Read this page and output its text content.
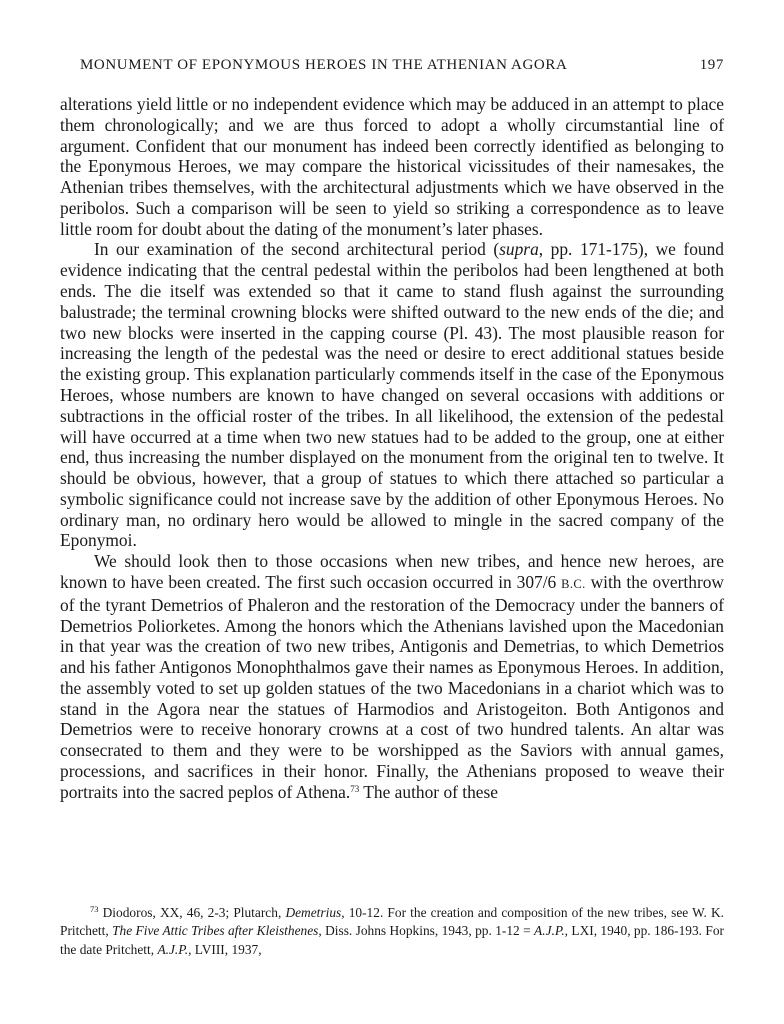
MONUMENT OF EPONYMOUS HEROES IN THE ATHENIAN AGORA	197

alterations yield little or no independent evidence which may be adduced in an attempt to place them chronologically; and we are thus forced to adopt a wholly circumstantial line of argument. Confident that our monument has indeed been correctly identified as belonging to the Eponymous Heroes, we may compare the historical vicissitudes of their namesakes, the Athenian tribes themselves, with the architectural adjustments which we have observed in the peribolos. Such a comparison will be seen to yield so striking a correspondence as to leave little room for doubt about the dating of the monument’s later phases.

In our examination of the second architectural period (supra, pp. 171-175), we found evidence indicating that the central pedestal within the peribolos had been lengthened at both ends. The die itself was extended so that it came to stand flush against the surrounding balustrade; the terminal crowning blocks were shifted outward to the new ends of the die; and two new blocks were inserted in the capping course (Pl. 43). The most plausible reason for increasing the length of the pedestal was the need or desire to erect additional statues beside the existing group. This explanation particularly commends itself in the case of the Eponymous Heroes, whose numbers are known to have changed on several occasions with additions or subtractions in the official roster of the tribes. In all likelihood, the extension of the pedestal will have occurred at a time when two new statues had to be added to the group, one at either end, thus increasing the number displayed on the monument from the original ten to twelve. It should be obvious, however, that a group of statues to which there attached so particular a symbolic significance could not increase save by the addition of other Eponymous Heroes. No ordinary man, no ordinary hero would be allowed to mingle in the sacred company of the Eponymoi.

We should look then to those occasions when new tribes, and hence new heroes, are known to have been created. The first such occasion occurred in 307/6 B.C. with the overthrow of the tyrant Demetrios of Phaleron and the restoration of the Democracy under the banners of Demetrios Poliorketes. Among the honors which the Athenians lavished upon the Macedonian in that year was the creation of two new tribes, Antigonis and Demetrias, to which Demetrios and his father Antigonos Monophthalmos gave their names as Eponymous Heroes. In addition, the assembly voted to set up golden statues of the two Macedonians in a chariot which was to stand in the Agora near the statues of Harmodios and Aristogeiton. Both Antigonos and Demetrios were to receive honorary crowns at a cost of two hundred talents. An altar was consecrated to them and they were to be worshipped as the Saviors with annual games, processions, and sacrifices in their honor. Finally, the Athenians proposed to weave their portraits into the sacred peplos of Athena.$^{73}$ The author of these

$^{73}$ Diodoros, XX, 46, 2-3; Plutarch, Demetrius, 10-12. For the creation and composition of the new tribes, see W. K. Pritchett, The Five Attic Tribes after Kleisthenes, Diss. Johns Hopkins, 1943, pp. 1-12 = A.J.P., LXI, 1940, pp. 186-193. For the date Pritchett, A.J.P., LVIII, 1937,
